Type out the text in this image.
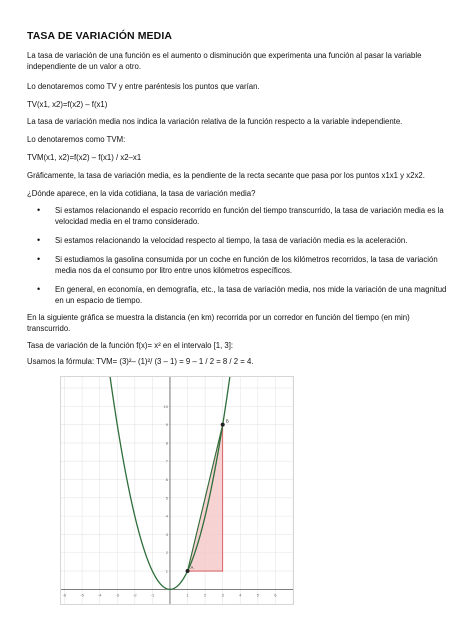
TASA DE VARIACIÓN MEDIA
La tasa de variación de una función es el aumento o disminución que experimenta una función al pasar la variable independiente de un valor a otro.
Lo denotaremos como TV y entre paréntesis los puntos que varían.
TV(x1, x2)=f(x2) – f(x1)
La tasa de variación media nos indica la variación relativa de la función respecto a la variable independiente.
Lo denotaremos como TVM:
TVM(x1, x2)=f(x2) – f(x1) / x2–x1
Gráficamente, la tasa de variación media, es la pendiente de la recta secante que pasa por los puntos x1x1 y x2x2.
¿Dónde aparece, en la vida cotidiana, la tasa de variación media?
• Si estamos relacionando el espacio recorrido en función del tiempo transcurrido, la tasa de variación media es la velocidad media en el tramo considerado.
• Si estamos relacionando la velocidad respecto al tiempo, la tasa de variación media es la aceleración.
• Si estudiamos la gasolina consumida por un coche en función de los kilómetros recorridos, la tasa de variación media nos da el consumo por litro entre unos kilómetros específicos.
• En general, en economía, en demografía, etc., la tasa de variación media, nos mide la variación de una magnitud en un espacio de tiempo.
En la siguiente gráfica se muestra la distancia (en km) recorrida por un corredor en función del tiempo (en min) transcurrido.
Tasa de variación de la función f(x)= x² en el intervalo [1, 3]:
Usamos la fórmula: TVM= (3)²– (1)²/ (3 – 1) = 9 – 1 / 2 = 8 / 2 = 4.
-6	-5	-4	-3	-2	-1	1	2	3	4	5	6
1
2
3
4
5
6
7
8
9
10
A
B
